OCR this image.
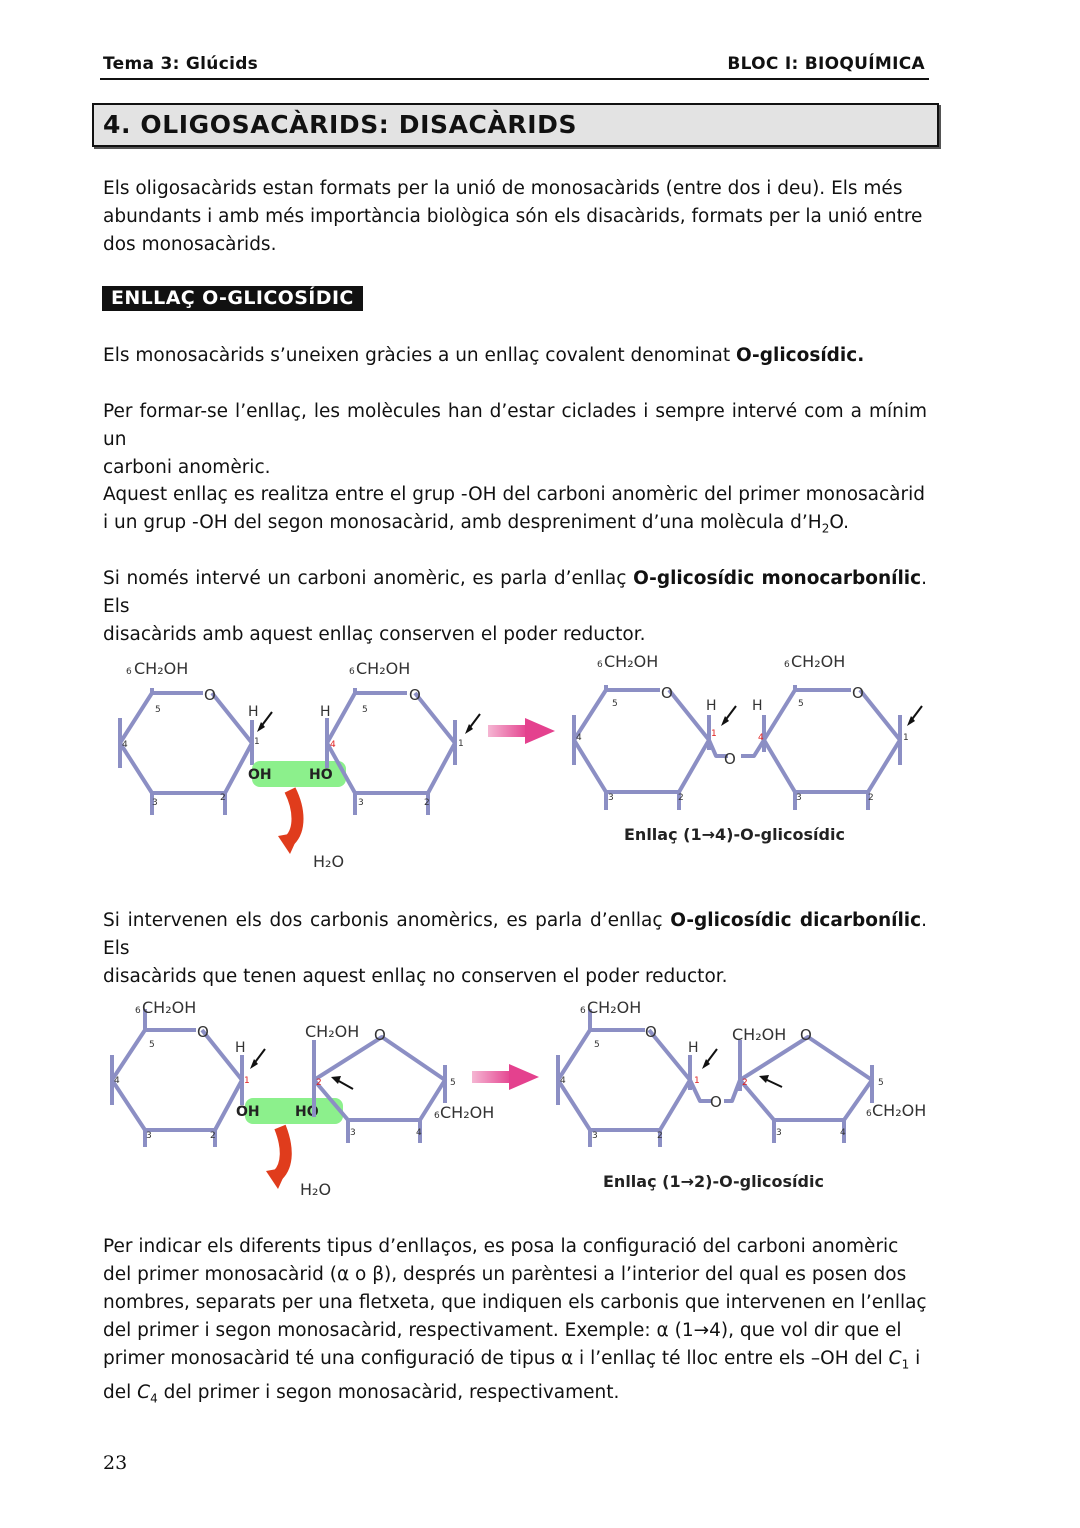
Tema 3: Glúcids	BLOC I: BIOQUÍMICA
4. OLIGOSACÀRIDS: DISACÀRIDS
Els oligosacàrids estan formats per la unió de monosacàrids (entre dos i deu). Els més
abundants i amb més importància biològica són els disacàrids, formats per la unió entre
dos monosacàrids.
ENLLAÇ O-GLICOSÍDIC
Els monosacàrids s’uneixen gràcies a un enllaç covalent denominat O-glicosídic.
Per formar-se l’enllaç, les molècules han d’estar ciclades i sempre intervé com a mínim un
carboni anomèric.
Aquest enllaç es realitza entre el grup -OH del carboni anomèric del primer monosacàrid
i un grup -OH del segon monosacàrid, amb despreniment d’una molècula $d’H_2O$.
Si només intervé un carboni anomèric, es parla d’enllaç O-glicosídic monocarbonílic. Els
disacàrids amb aquest enllaç conserven el poder reductor.
CH₂OH
6
O
H
5
4
3	2
1
OH	HO
CH₂OH
6
O
H
4
5
3	2
1
H₂O
CH₂OH
6
O
H
5
4
3	2
1
O
CH₂OH
6
O
H	5
4
3	2
1
Enllaç (1→4)-O-glicosídic
Si intervenen els dos carbonis anomèrics, es parla d’enllaç O-glicosídic dicarbonílic. Els
disacàrids que tenen aquest enllaç no conserven el poder reductor.
CH₂OH
6
O
H
5
4
3	2
1
OH	HO
CH₂OH O
2
3	4
5
6 CH₂OH
H₂O
CH₂OH
6
O
H
5
4
3	2
1
O
CH₂OH O
2
3	4
5
6 CH₂OH
Enllaç (1→2)-O-glicosídic
Per indicar els diferents tipus d’enllaços, es posa la configuració del carboni anomèric
del primer monosacàrid (α o β), després un parèntesi a l’interior del qual es posen dos
nombres, separats per una fletxeta, que indiquen els carbonis que intervenen en l’enllaç
del primer i segon monosacàrid, respectivament. Exemple: α (1→4), que vol dir que el
primer monosacàrid té una configuració de tipus α i l’enllaç té lloc entre els –OH del $C_1$ i
del $C_4$ del primer i segon monosacàrid, respectivament.
23
